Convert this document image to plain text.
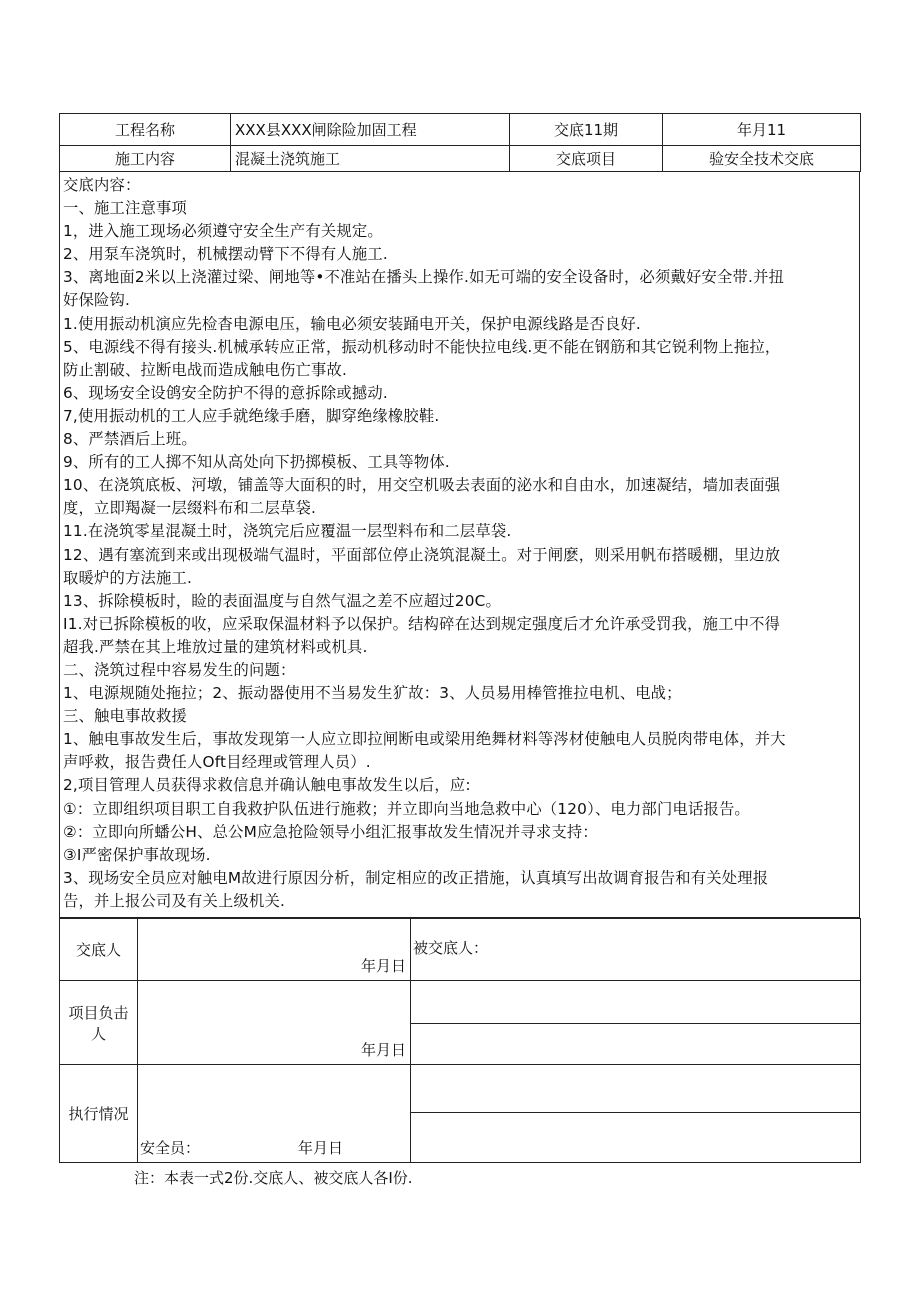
工程名称	XXX县XXX闸除险加固工程	交底11期	年月11
施工内容	混凝土浇筑施工	交底项目	验安全技术交底
交底内容：
一、施工注意事项
1，进入施工现场必须遵守安全生产有关规定。
2、用泵车浇筑时，机械摆动臂下不得有人施工.
3、离地面2米以上浇灌过梁、闸地等•不准站在播头上操作.如无可端的安全设备时，必须戴好安全带.并扭
好保险钩.
1.使用振动机演应先检杳电源电压，输电必须安装踊电开关，保护电源线路是否良好.
5、电源线不得有接头.机械承转应正常，振动机移动时不能快拉电线.更不能在钢筋和其它锐利物上拖拉，
防止割破、拉断电战而造成触电伤亡事故.
6、现场安全设鸧安全防护不得的意拆除或撼动.
7,使用振动机的工人应手就绝缘手磨，脚穿绝缘橡胶鞋.
8、严禁酒后上班。
9、所有的工人掷不知从高处向下扔掷模板、工具等物体.
10、在浇筑底板、河墩，铺盖等大面积的时，用交空机吸去表面的泌水和自由水，加速凝结，墙加表面强
度，立即羯凝一层缀料布和二层草袋.
11.在浇筑零星混凝土时，浇筑完后应覆温一层型料布和二层草袋.
12、遇有塞流到来或出现极端气温时，平面部位停止浇筑混凝土。对于闸麽，则采用帆布搭暖棚，里边放
取暖炉的方法施工.
13、拆除模板时，睑的表面温度与自然气温之差不应超过20C。
I1.对已拆除模板的收，应采取保温材料予以保护。结构碎在达到规定强度后才允许承受罚我，施工中不得
超我.严禁在其上堆放过量的建筑材料或机具.
二、浇筑过程中容易发生的问题：
1、电源规随处拖拉；2、振动器使用不当易发生犷故：3、人员易用棒管推拉电机、电战；
三、触电事故救援
1、触电事故发生后，事故发现第一人应立即拉闸断电或梁用绝舞材料等涔材使触电人员脱肉带电体，并大
声呼救，报告费任人Oft目经理或管理人员）.
2,项目管理人员获得求救信息并确认触电事故发生以后，应:
①：立即组织项目职工自我救护队伍进行施救；并立即向当地急救中心（120）、电力部门电话报告。
②：立即向所蟠公H、总公M应急抢险领导小组汇报事故发生情况并寻求支持：
③I严密保护事故现场.
3、现场安全员应对触电M故进行原因分析，制定相应的改正措施，认真填写出故调育报告和有关处理报
告，并上报公司及有关上级机关.
交底人	年月日	被交底人：
项目负击人	年月日	

执行情况	安全员： 年月日	

注：本表一式2份.交底人、被交底人各I份.
